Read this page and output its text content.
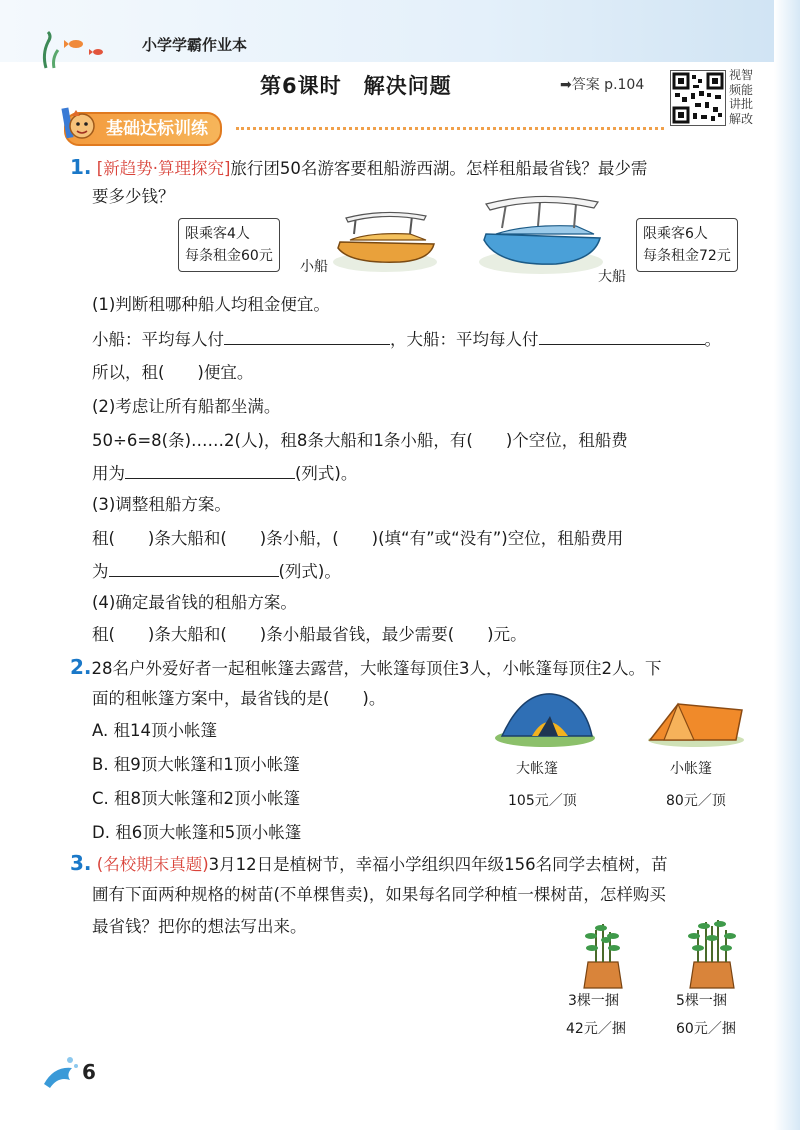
小学学霸作业本
第6课时　解决问题	➡答案 p.104
视智
频能
讲批
解改
基础达标训练
1. [新趋势·算理探究]旅行团50名游客要租船游西湖。怎样租船最省钱？最少需
要多少钱？
限乘客4人
每条租金60元
小船
大船
限乘客6人
每条租金72元
(1)判断租哪种船人均租金便宜。
小船：平均每人付	，大船：平均每人付	。
所以，租(　　)便宜。
(2)考虑让所有船都坐满。
50÷6=8(条)……2(人)，租8条大船和1条小船，有(　　)个空位，租船费
用为	(列式)。
(3)调整租船方案。
租(　　)条大船和(　　)条小船，(　　)(填“有”或“没有”)空位，租船费用
为	(列式)。
(4)确定最省钱的租船方案。
租(　　)条大船和(　　)条小船最省钱，最少需要(　　)元。
2.28名户外爱好者一起租帐篷去露营，大帐篷每顶住3人，小帐篷每顶住2人。下
面的租帐篷方案中，最省钱的是(　　)。
A. 租14顶小帐篷
B. 租9顶大帐篷和1顶小帐篷
C. 租8顶大帐篷和2顶小帐篷
D. 租6顶大帐篷和5顶小帐篷
大帐篷
105元／顶
小帐篷
80元／顶
3. (名校期末真题)3月12日是植树节，幸福小学组织四年级156名同学去植树，苗
圃有下面两种规格的树苗(不单棵售卖)，如果每名同学种植一棵树苗，怎样购买
最省钱？把你的想法写出来。
3棵一捆
42元／捆
5棵一捆
60元／捆
6
